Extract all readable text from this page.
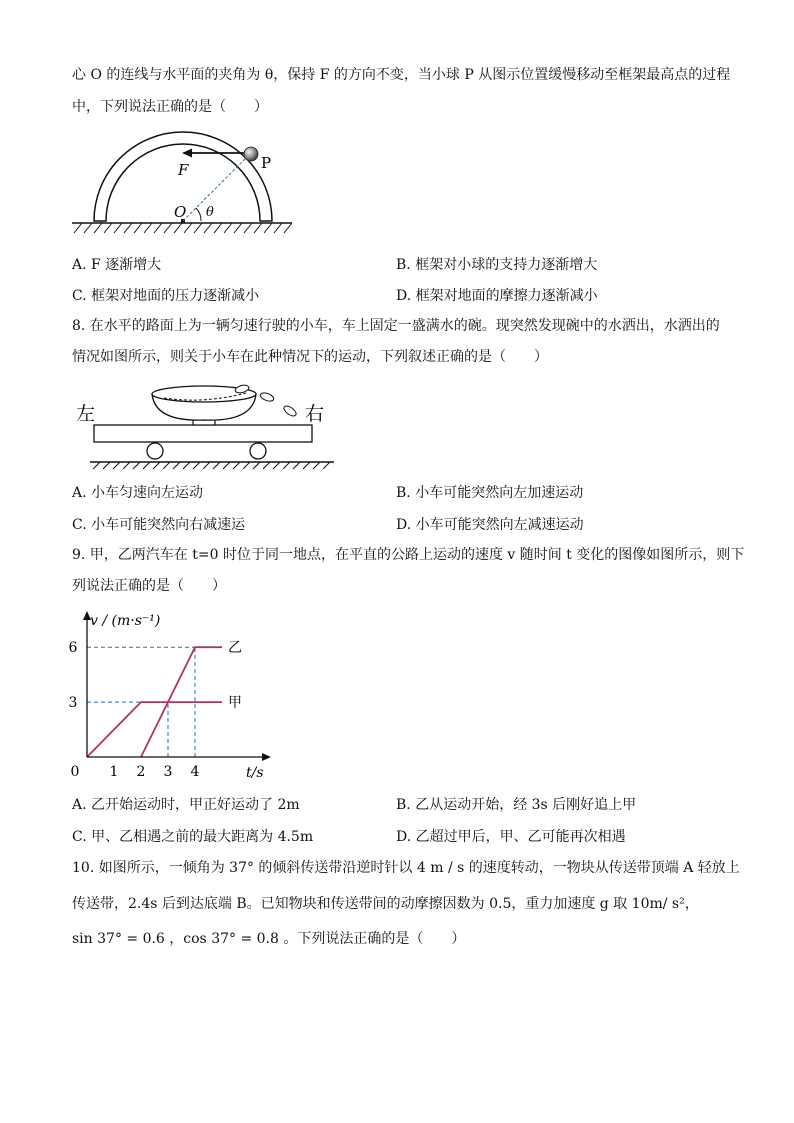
心 O 的连线与水平面的夹角为 θ，保持 F 的方向不变，当小球 P 从图示位置缓慢移动至框架最高点的过程
中，下列说法正确的是（　　）
F	P
O θ
A. F 逐渐增大	B. 框架对小球的支持力逐渐增大
C. 框架对地面的压力逐渐减小	D. 框架对地面的摩擦力逐渐减小
8. 在水平的路面上为一辆匀速行驶的小车，车上固定一盛满水的碗。现突然发现碗中的水洒出，水洒出的
情况如图所示，则关于小车在此种情况下的运动，下列叙述正确的是（　　）
左	右
A. 小车匀速向左运动	B. 小车可能突然向左加速运动
C. 小车可能突然向右减速运	D. 小车可能突然向左减速运动
9. 甲，乙两汽车在 t=0 时位于同一地点，在平直的公路上运动的速度 v 随时间 t 变化的图像如图所示，则下
列说法正确的是（　　）
甲
乙
3
6
0 1 2 3 4
v / (m·s⁻¹)
t/s
A. 乙开始运动时，甲正好运动了 2m	B. 乙从运动开始，经 3s 后刚好追上甲
C. 甲、乙相遇之前的最大距离为 4.5m	D. 乙超过甲后，甲、乙可能再次相遇
10. 如图所示，一倾角为 37° 的倾斜传送带沿逆时针以 4 m / s 的速度转动，一物块从传送带顶端 A 轻放上
传送带，2.4s 后到达底端 B。已知物块和传送带间的动摩擦因数为 0.5，重力加速度 g 取 10m/ s²，
sin 37° = 0.6 ，cos 37° = 0.8 。下列说法正确的是（　　）
